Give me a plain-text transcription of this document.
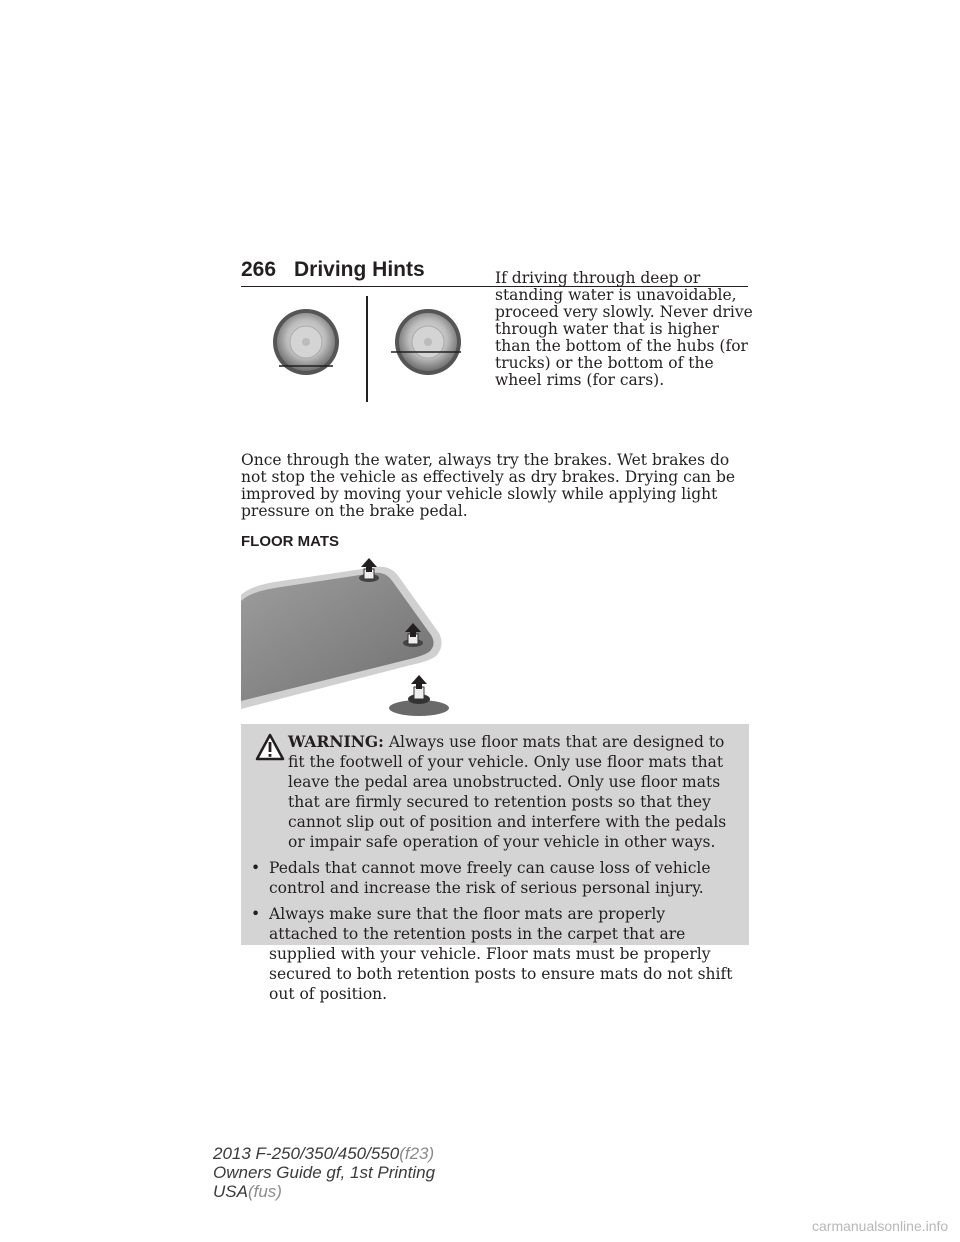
266 Driving Hints	If driving through deep or standing water is unavoidable, proceed very slowly. Never drive through water that is higher than the bottom of the hubs (for trucks) or the bottom of the wheel rims (for cars).

Once through the water, always try the brakes. Wet brakes do not stop the vehicle as effectively as dry brakes. Drying can be improved by moving your vehicle slowly while applying light pressure on the brake pedal.

FLOOR MATS
WARNING: Always use floor mats that are designed to fit the footwell of your vehicle. Only use floor mats that leave the pedal area unobstructed. Only use floor mats that are firmly secured to retention posts so that they cannot slip out of position and interfere with the pedals or impair safe operation of your vehicle in other ways.
• Pedals that cannot move freely can cause loss of vehicle control and increase the risk of serious personal injury.
• Always make sure that the floor mats are properly attached to the retention posts in the carpet that are supplied with your vehicle. Floor mats must be properly secured to both retention posts to ensure mats do not shift out of position.
2013 F-250/350/450/550(f23)
Owners Guide gf, 1st Printing
USA(fus)
carmanualsonline.info
